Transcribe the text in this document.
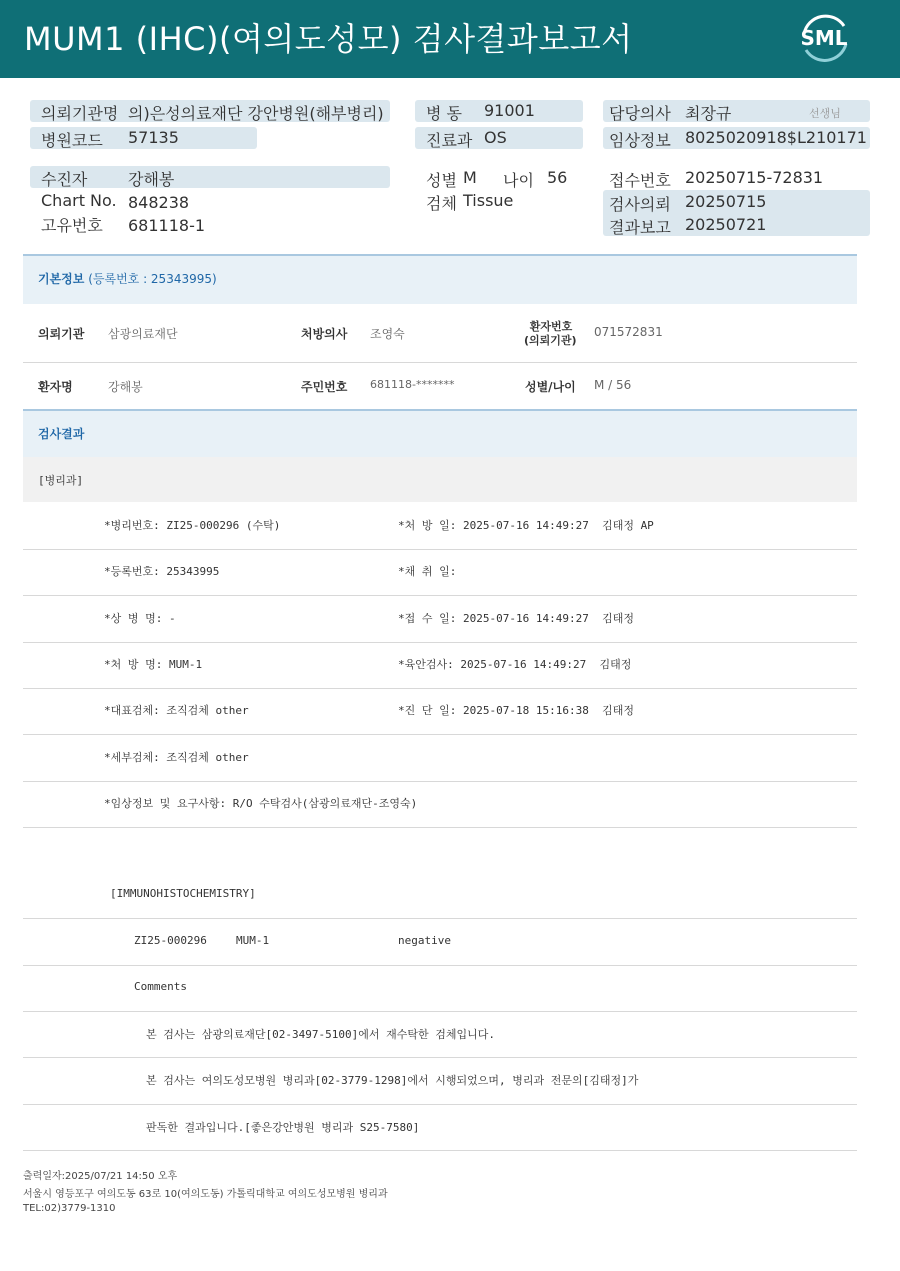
MUM1 (IHC)(여의도성모) 검사결과보고서	SML
의뢰기관명 의)은성의료재단 강안병원(해부병리)
병원코드 57135
병 동 91001
진료과 OS
담당의사 최장규	선생님
임상정보 8025020918$L210171
수진자	강해봉
Chart No. 848238
고유번호 681118-1
성별 M 나이 56
검체 Tissue
접수번호 20250715-72831
검사의뢰 20250715
결과보고 20250721
기본정보 (등록번호 : 25343995)
의뢰기관 삼광의료재단	처방의사 조영숙
환자번호
(의뢰기관)
071572831
환자명	강해봉	주민번호 681118-*******	성별/나이 M / 56
검사결과
[병리과]
*병리번호: ZI25-000296 (수탁)	*처 방 일: 2025-07-16 14:49:27  김태정 AP
*등록번호: 25343995	*채 취 일:
*상 병 명: -	*접 수 일: 2025-07-16 14:49:27  김태정
*처 방 명: MUM-1	*육안검사: 2025-07-16 14:49:27  김태정
*대표검체: 조직검체 other	*진 단 일: 2025-07-18 15:16:38  김태정
*세부검체: 조직검체 other
*임상정보 및 요구사항: R/O 수탁검사(삼광의료재단-조영숙)
[IMMUNOHISTOCHEMISTRY]
ZI25-000296	MUM-1	negative
Comments
본 검사는 삼광의료재단[02-3497-5100]에서 재수탁한 검체입니다.
본 검사는 여의도성모병원 병리과[02-3779-1298]에서 시행되었으며, 병리과 전문의[김태정]가
판독한 결과입니다.[좋은강안병원 병리과 S25-7580]
출력일자:2025/07/21 14:50 오후
서울시 영등포구 여의도동 63로 10(여의도동) 가톨릭대학교 여의도성모병원 병리과
TEL:02)3779-1310
